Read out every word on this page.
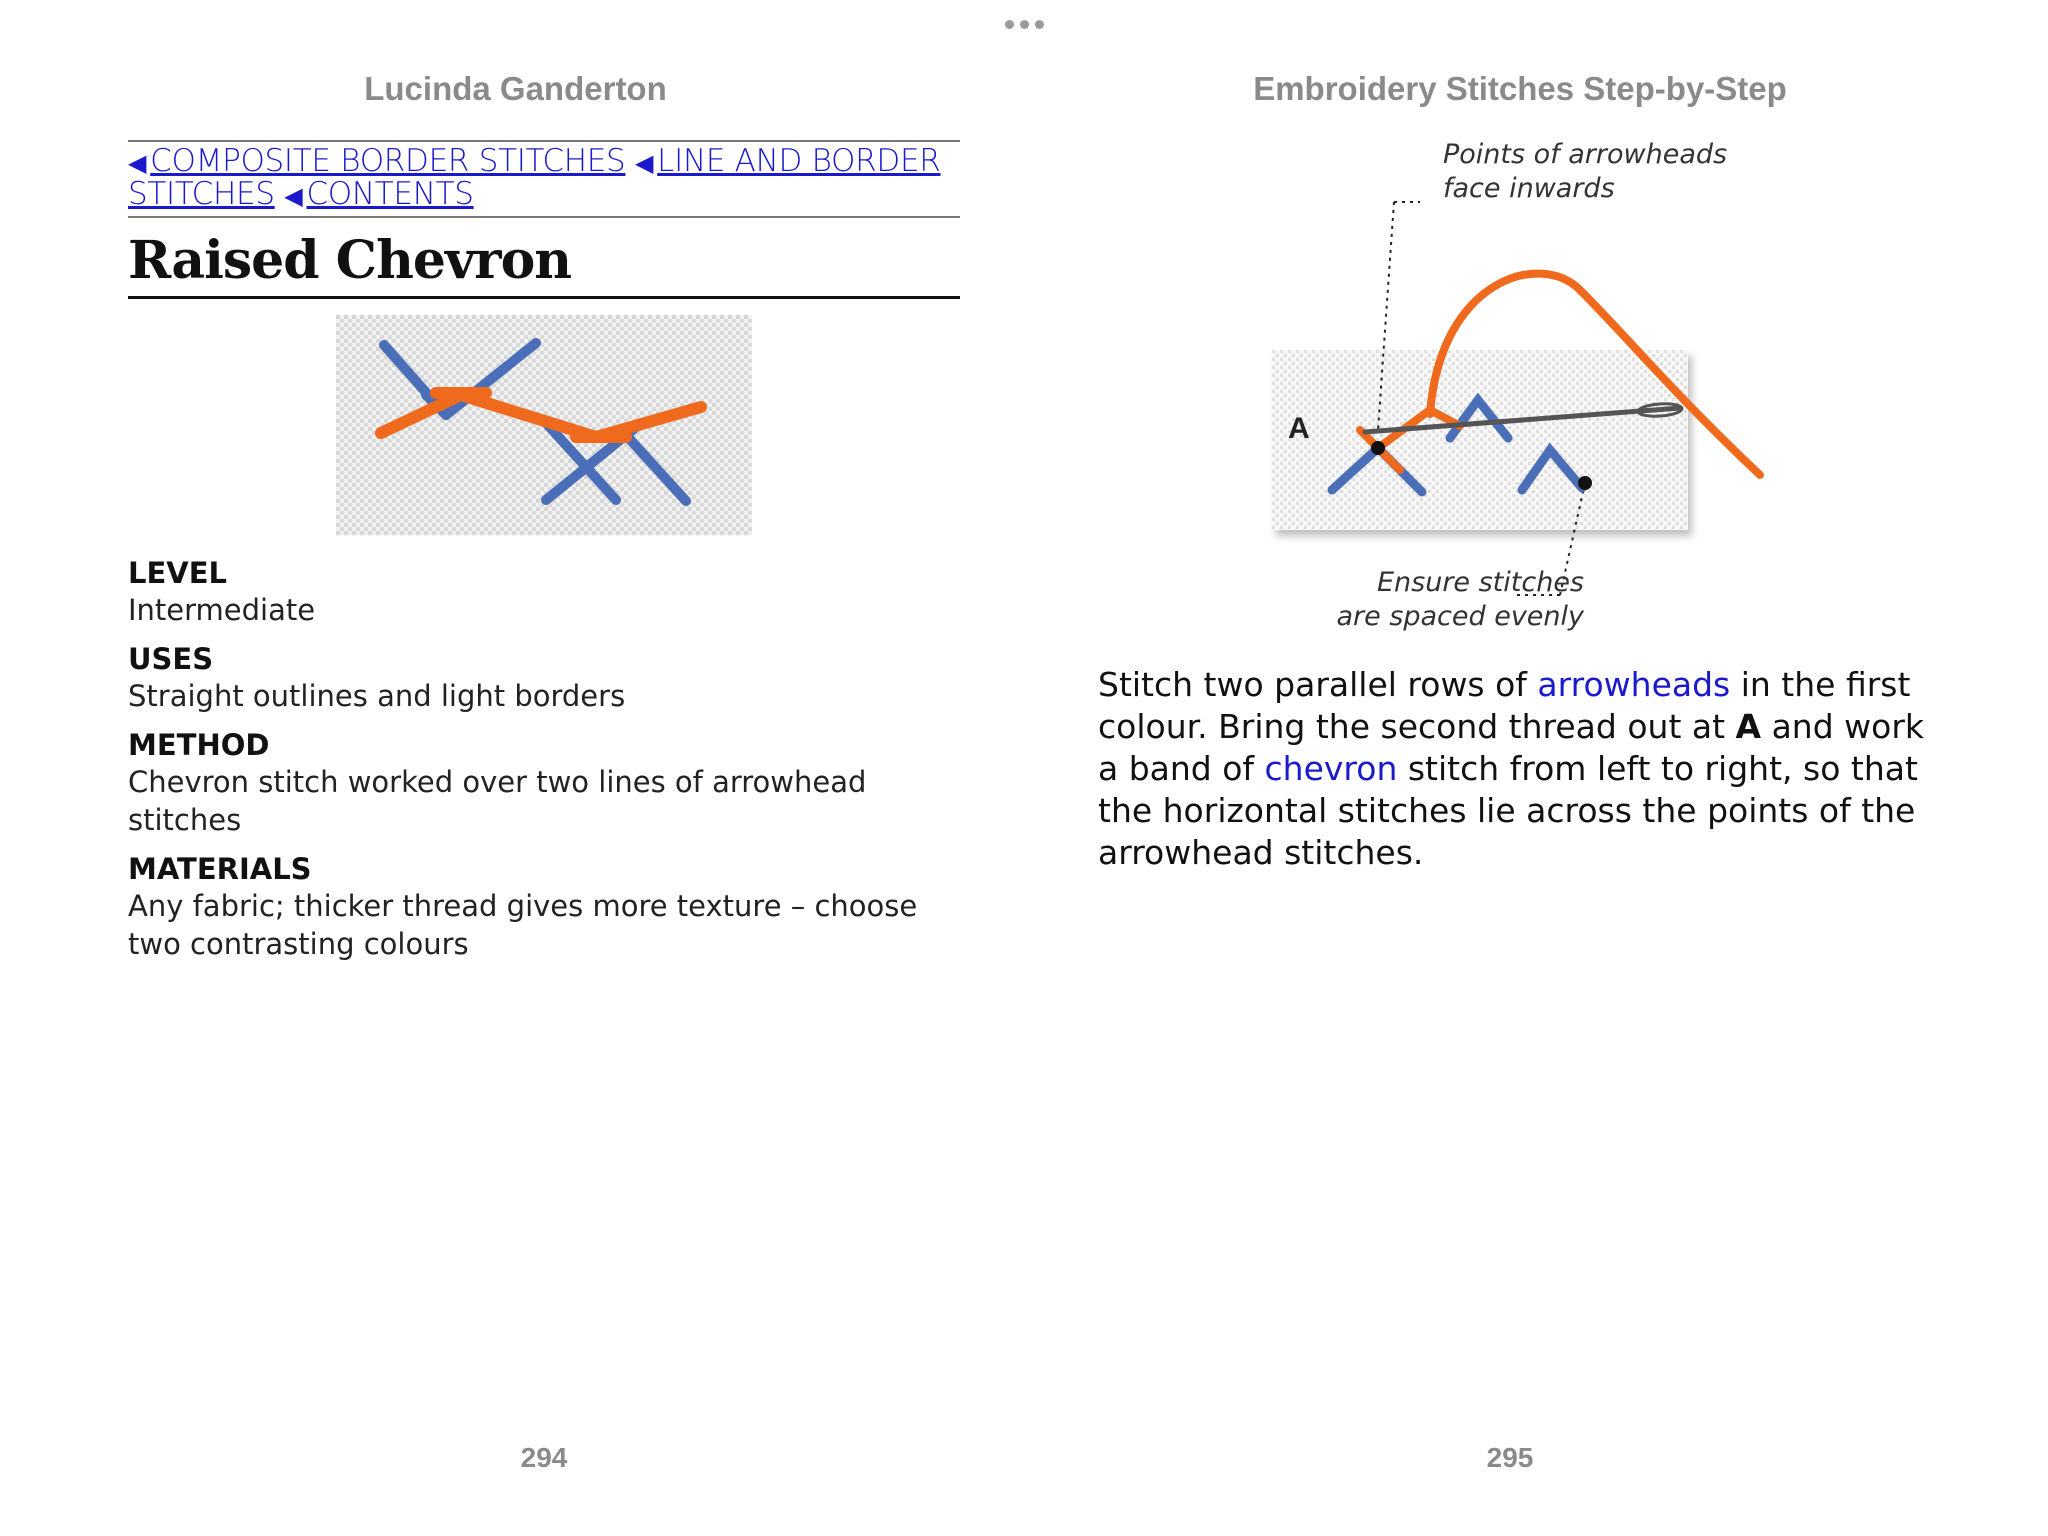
Lucinda Ganderton	Embroidery Stitches Step-by-Step
◀ COMPOSITE BORDER STITCHES ◀ LINE AND BORDER STITCHES ◀ CONTENTS
Raised Chevron
LEVEL
Intermediate
USES
Straight outlines and light borders
METHOD
Chevron stitch worked over two lines of arrowhead stitches
MATERIALS
Any fabric; thicker thread gives more texture – choose two contrasting colours
294
A
Points of arrowheads
face inwards
Ensure stitches
are spaced evenly
Stitch two parallel rows of arrowheads in the first colour. Bring the second thread out at A and work a band of chevron stitch from left to right, so that the horizontal stitches lie across the points of the arrowhead stitches.
295
